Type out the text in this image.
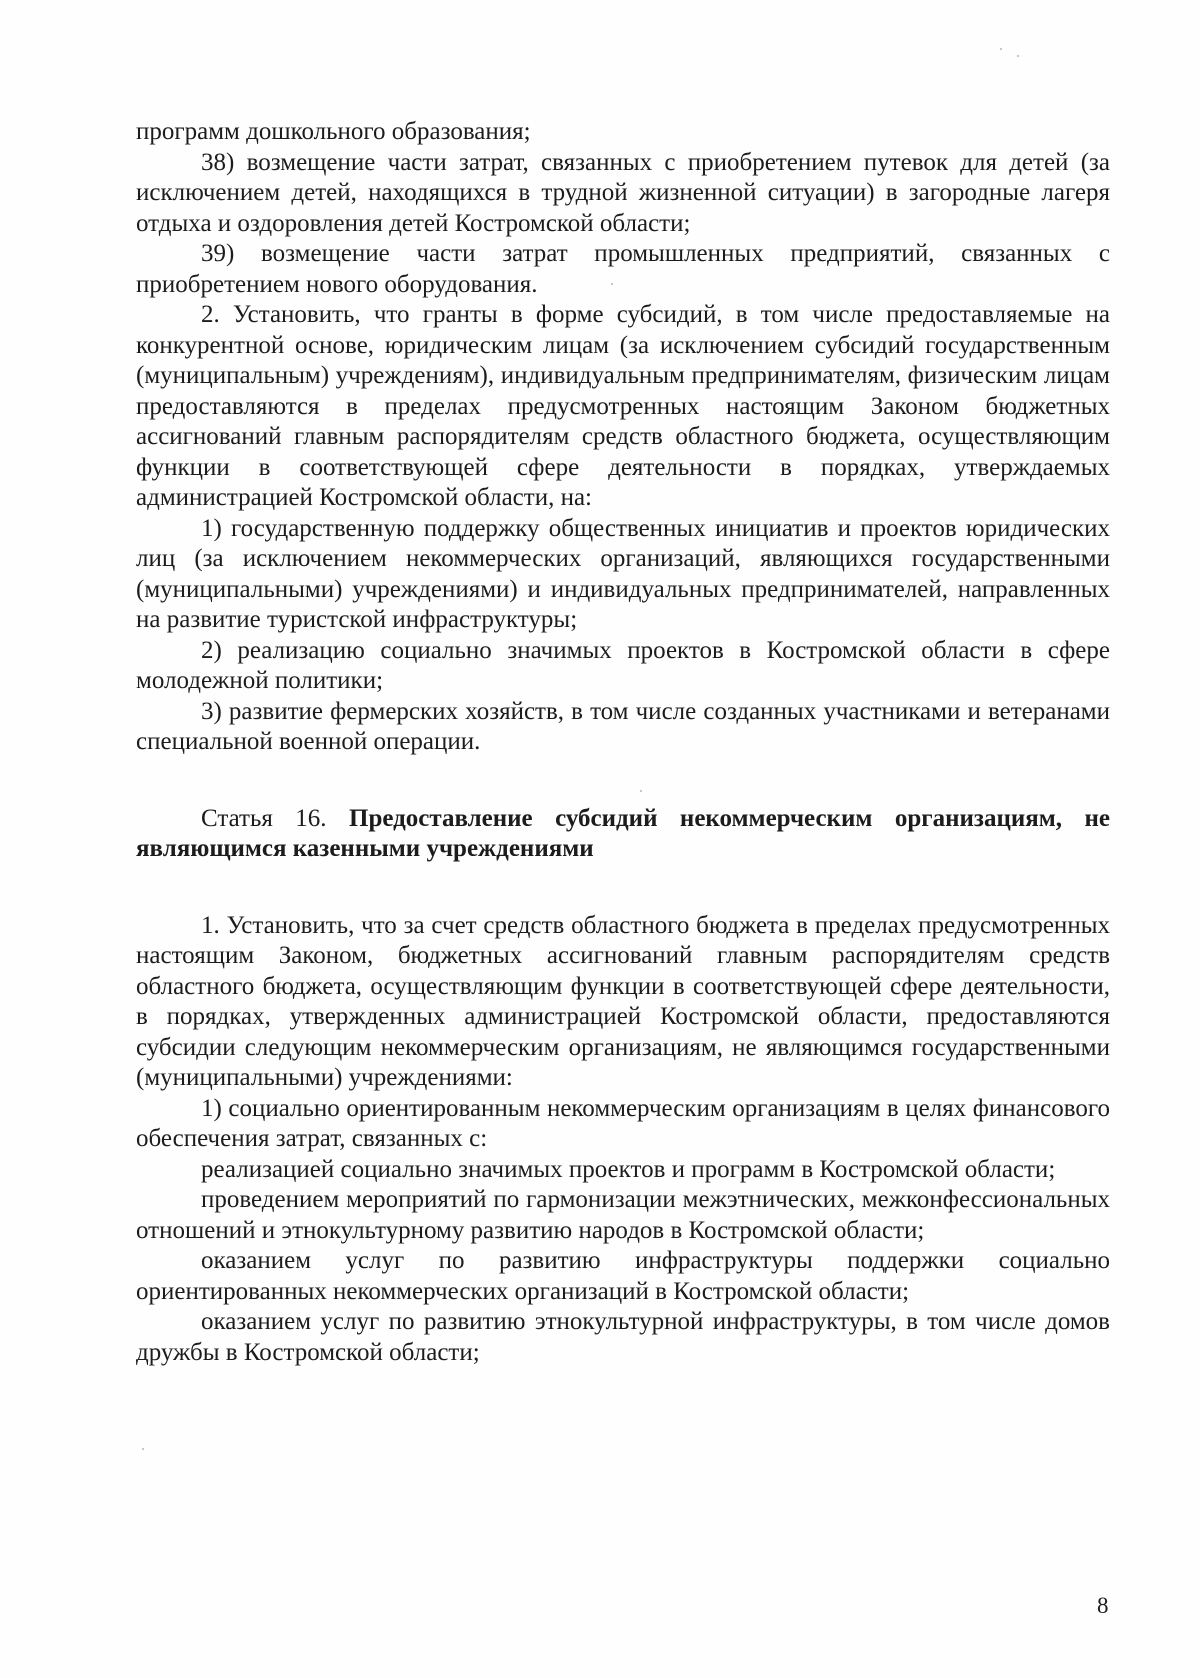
программ дошкольного образования;

38) возмещение части затрат, связанных с приобретением путевок для детей (за исключением детей, находящихся в трудной жизненной ситуации) в загородные лагеря отдыха и оздоровления детей Костромской области;

39) возмещение части затрат промышленных предприятий, связанных с приобретением нового оборудования.

2. Установить, что гранты в форме субсидий, в том числе предоставляемые на конкурентной основе, юридическим лицам (за исключением субсидий государственным (муниципальным) учреждениям), индивидуальным предпринимателям, физическим лицам предоставляются в пределах предусмотренных настоящим Законом бюджетных ассигнований главным распорядителям средств областного бюджета, осуществляющим функции в соответствующей сфере деятельности в порядках, утверждаемых администрацией Костромской области, на:

1) государственную поддержку общественных инициатив и проектов юридических лиц (за исключением некоммерческих организаций, являющихся государственными (муниципальными) учреждениями) и индивидуальных предпринимателей, направленных на развитие туристской инфраструктуры;

2) реализацию социально значимых проектов в Костромской области в сфере молодежной политики;

3) развитие фермерских хозяйств, в том числе созданных участниками и ветеранами специальной военной операции.

Статья 16. Предоставление субсидий некоммерческим организациям, не являющимся казенными учреждениями

1. Установить, что за счет средств областного бюджета в пределах предусмотренных настоящим Законом, бюджетных ассигнований главным распорядителям средств областного бюджета, осуществляющим функции в соответствующей сфере деятельности, в порядках, утвержденных администрацией Костромской области, предоставляются субсидии следующим некоммерческим организациям, не являющимся государственными (муниципальными) учреждениями:

1) социально ориентированным некоммерческим организациям в целях финансового обеспечения затрат, связанных с:

реализацией социально значимых проектов и программ в Костромской области;

проведением мероприятий по гармонизации межэтнических, межконфессиональных отношений и этнокультурному развитию народов в Костромской области;

оказанием услуг по развитию инфраструктуры поддержки социально ориентированных некоммерческих организаций в Костромской области;

оказанием услуг по развитию этнокультурной инфраструктуры, в том числе домов дружбы в Костромской области;

8
